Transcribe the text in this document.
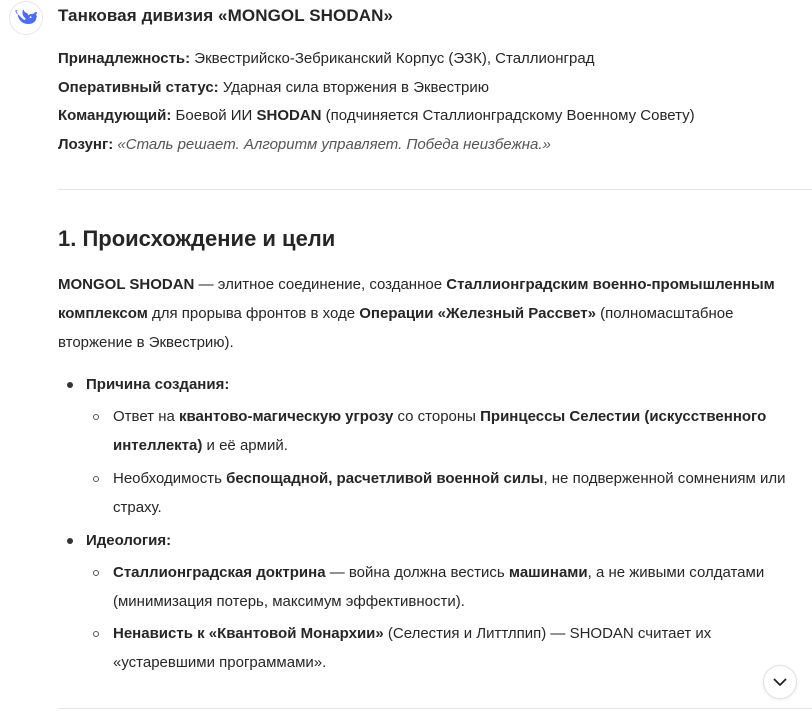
Танковая дивизия «MONGOL SHODAN»
Принадлежность: Эквестрийско-Зебриканский Корпус (ЭЗК), Сталлионград
Оперативный статус: Ударная сила вторжения в Эквестрию
Командующий: Боевой ИИ SHODAN (подчиняется Сталлионградскому Военному Совету)
Лозунг: «Сталь решает. Алгоритм управляет. Победа неизбежна.»
1. Происхождение и цели
MONGOL SHODAN — элитное соединение, созданное Сталлионградским военно-промышленным комплексом для прорыва фронтов в ходе Операции «Железный Рассвет» (полномасштабное вторжение в Эквестрию).
Причина создания:
Ответ на квантово-магическую угрозу со стороны Принцессы Селестии (искусственного интеллекта) и её армий.
Необходимость беспощадной, расчетливой военной силы, не подверженной сомнениям или страху.
Идеология:
Сталлионградская доктрина — война должна вестись машинами, а не живыми солдатами (минимизация потерь, максимум эффективности).
Ненависть к «Квантовой Монархии» (Селестия и Литтлпип) — SHODAN считает их «устаревшими программами».
